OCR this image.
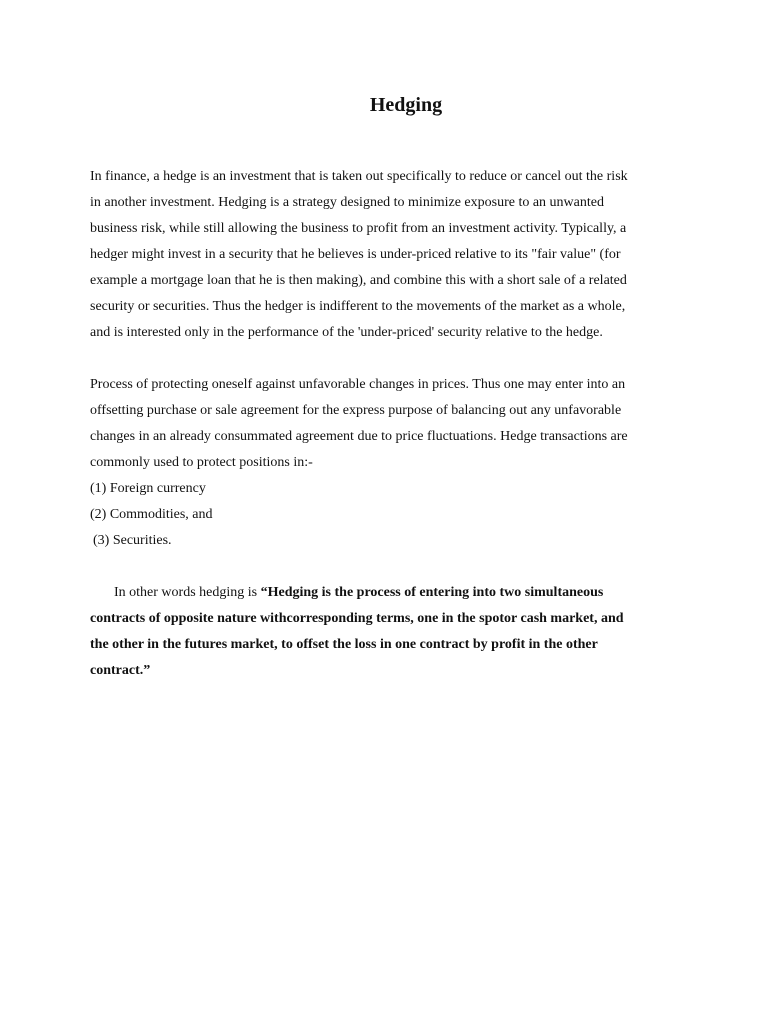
Hedging
In finance, a hedge is an investment that is taken out specifically to reduce or cancel out the risk
in another investment. Hedging is a strategy designed to minimize exposure to an unwanted
business risk, while still allowing the business to profit from an investment activity. Typically, a
hedger might invest in a security that he believes is under-priced relative to its "fair value" (for
example a mortgage loan that he is then making), and combine this with a short sale of a related
security or securities. Thus the hedger is indifferent to the movements of the market as a whole,
and is interested only in the performance of the 'under-priced' security relative to the hedge.
Process of protecting oneself against unfavorable changes in prices. Thus one may enter into an
offsetting purchase or sale agreement for the express purpose of balancing out any unfavorable
changes in an already consummated agreement due to price fluctuations. Hedge transactions are
commonly used to protect positions in:-
(1) Foreign currency
(2) Commodities, and
(3) Securities.
In other words hedging is “Hedging is the process of entering into two simultaneous
contracts of opposite nature withcorresponding terms, one in the spotor cash market, and
the other in the futures market, to offset the loss in one contract by profit in the other
contract.”
